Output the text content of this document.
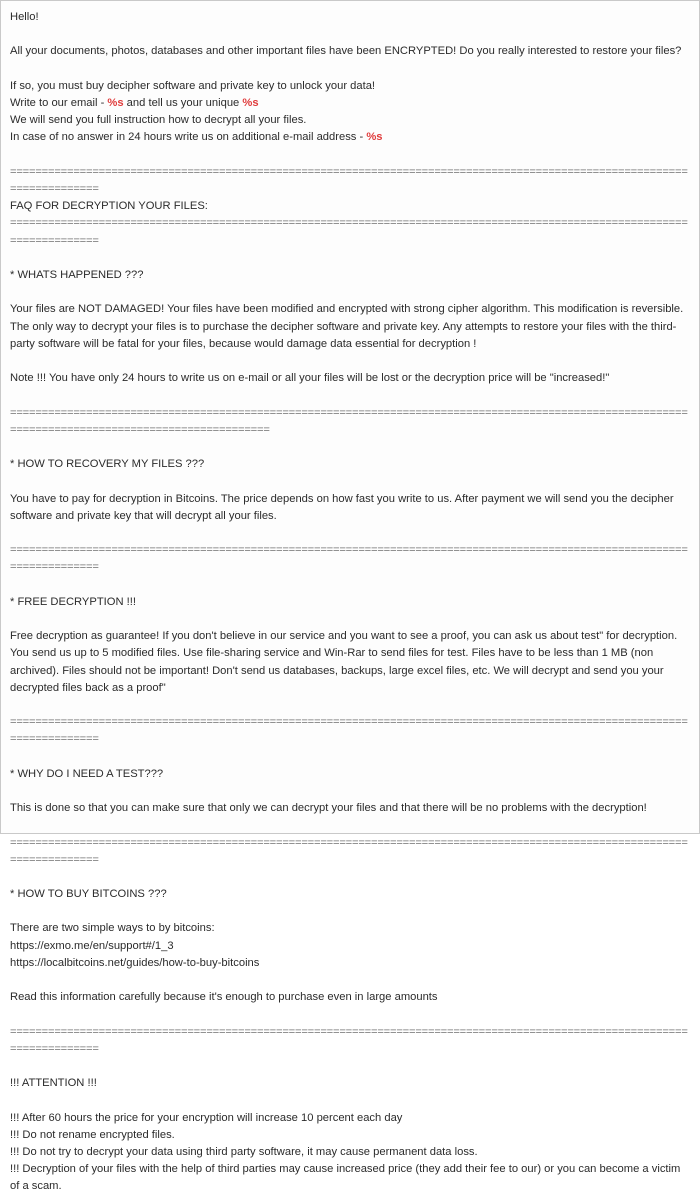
Hello!
All your documents, photos, databases and other important files have been ENCRYPTED! Do you really interested to restore your files?
If so, you must buy decipher software and private key to unlock your data!
Write to our email - %s and tell us your unique %s
We will send you full instruction how to decrypt all your files.
In case of no answer in 24 hours write us on additional e-mail address - %s
=========================================================================================================================
FAQ FOR DECRYPTION YOUR FILES:
=========================================================================================================================
* WHATS HAPPENED ???
Your files are NOT DAMAGED! Your files have been modified and encrypted with strong cipher algorithm. This modification is reversible. The only way to decrypt your files is to purchase the decipher software and private key. Any attempts to restore your files with the third-party software will be fatal for your files, because would damage data essential for decryption !
Note !!! You have only 24 hours to write us on e-mail or all your files will be lost or the decryption price will be "increased!"
====================================================================================================================================================
* HOW TO RECOVERY MY FILES ???
You have to pay for decryption in Bitcoins. The price depends on how fast you write to us. After payment we will send you the decipher software and private key that will decrypt all your files.
=========================================================================================================================
* FREE DECRYPTION !!!
Free decryption as guarantee! If you don't believe in our service and you want to see a proof, you can ask us about test" for decryption. You send us up to 5 modified files. Use file-sharing service and Win-Rar to send files for test. Files have to be less than 1 MB (non archived). Files should not be important! Don't send us databases, backups, large excel files, etc. We will decrypt and send you your decrypted files back as a proof"
=========================================================================================================================
* WHY DO I NEED A TEST???
This is done so that you can make sure that only we can decrypt your files and that there will be no problems with the decryption!
=========================================================================================================================
* HOW TO BUY BITCOINS ???
There are two simple ways to by bitcoins:
https://exmo.me/en/support#/1_3
https://localbitcoins.net/guides/how-to-buy-bitcoins
Read this information carefully because it's enough to purchase even in large amounts
=========================================================================================================================
!!! ATTENTION !!!
!!! After 60 hours the price for your encryption will increase 10 percent each day
!!! Do not rename encrypted files.
!!! Do not try to decrypt your data using third party software, it may cause permanent data loss.
!!! Decryption of your files with the help of third parties may cause increased price (they add their fee to our) or you can become a victim of a scam.
